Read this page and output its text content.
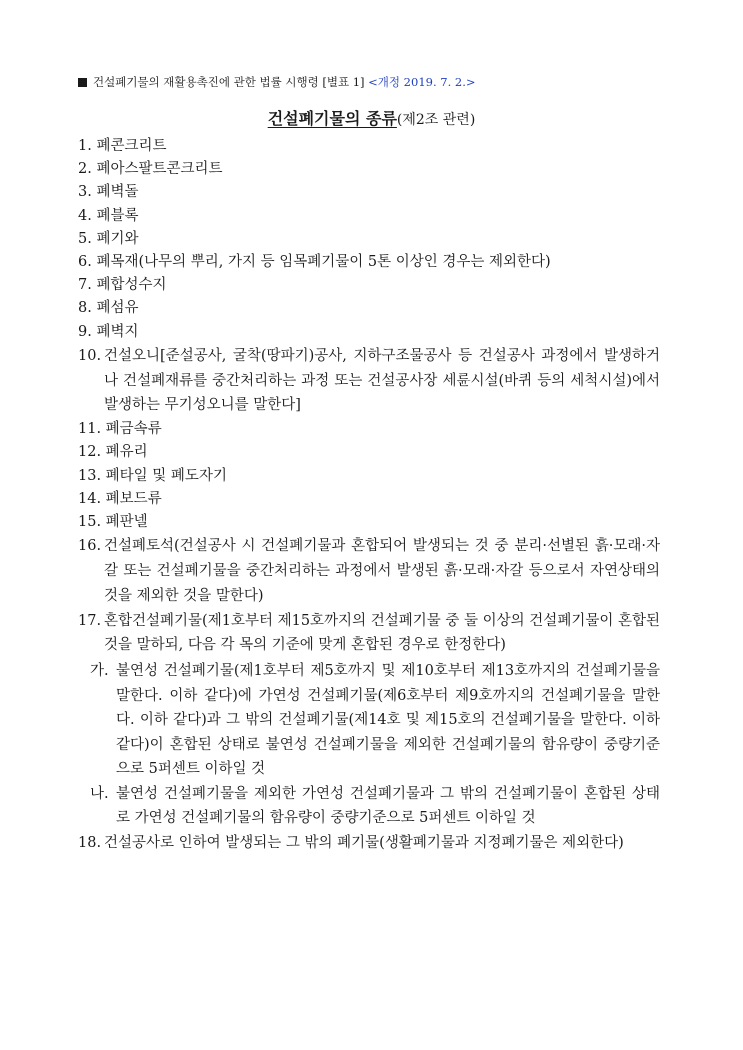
건설폐기물의 재활용촉진에 관한 법률 시행령 [별표 1] <개정 2019. 7. 2.>
건설폐기물의 종류(제2조 관련)
1.
폐콘크리트
2.
폐아스팔트콘크리트
3.
폐벽돌
4.
폐블록
5.
폐기와
6.
폐목재(나무의 뿌리, 가지 등 임목폐기물이 5톤 이상인 경우는 제외한다)
7.
폐합성수지
8.
폐섬유
9.
폐벽지
10. 건설오니[준설공사, 굴착(땅파기)공사, 지하구조물공사 등 건설공사 과정에서 발생하거나 건설폐재류를 중간처리하는 과정 또는 건설공사장 세륜시설(바퀴 등의 세척시설)에서 발생하는 무기성오니를 말한다]
11.
폐금속류
12.
폐유리
13.
폐타일 및 폐도자기
14.
폐보드류
15.
폐판넬
16. 건설폐토석(건설공사 시 건설폐기물과 혼합되어 발생되는 것 중 분리·선별된 흙·모래·자갈 또는 건설폐기물을 중간처리하는 과정에서 발생된 흙·모래·자갈 등으로서 자연상태의 것을 제외한 것을 말한다)
17. 혼합건설폐기물(제1호부터 제15호까지의 건설폐기물 중 둘 이상의 건설폐기물이 혼합된 것을 말하되, 다음 각 목의 기준에 맞게 혼합된 경우로 한정한다)
가. 불연성 건설폐기물(제1호부터 제5호까지 및 제10호부터 제13호까지의 건설폐기물을 말한다. 이하 같다)에 가연성 건설폐기물(제6호부터 제9호까지의 건설폐기물을 말한다. 이하 같다)과 그 밖의 건설폐기물(제14호 및 제15호의 건설폐기물을 말한다. 이하 같다)이 혼합된 상태로 불연성 건설폐기물을 제외한 건설폐기물의 함유량이 중량기준으로 5퍼센트 이하일 것
나. 불연성 건설폐기물을 제외한 가연성 건설폐기물과 그 밖의 건설폐기물이 혼합된 상태로 가연성 건설폐기물의 함유량이 중량기준으로 5퍼센트 이하일 것
18. 건설공사로 인하여 발생되는 그 밖의 폐기물(생활폐기물과 지정폐기물은 제외한다)
